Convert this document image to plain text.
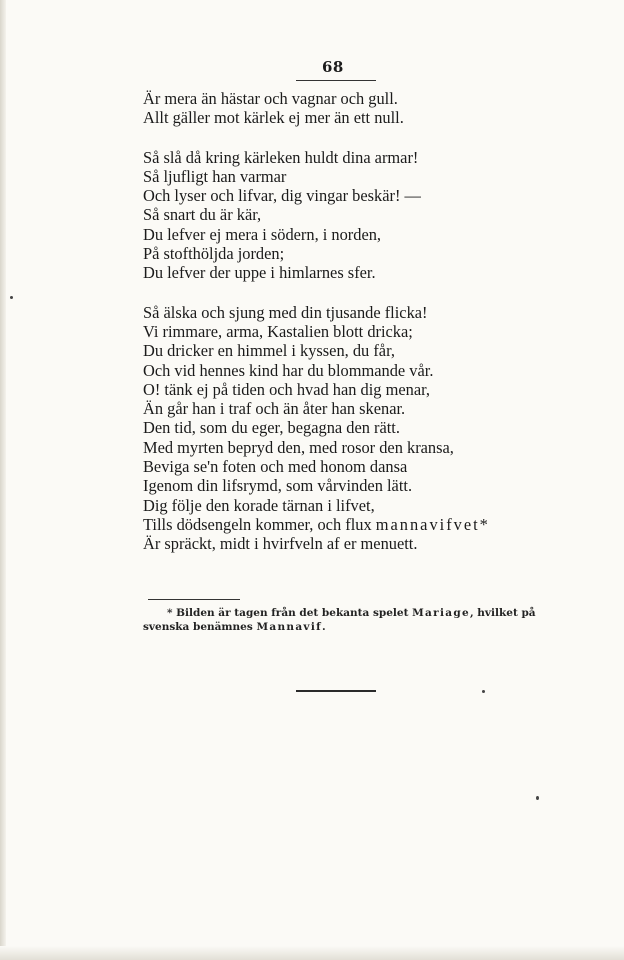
68
Är mera än hästar och vagnar och gull.
Allt gäller mot kärlek ej mer än ett null.
Så slå då kring kärleken huldt dina armar!
Så ljufligt han varmar
Och lyser och lifvar, dig vingar beskär! —
Så snart du är kär,
Du lefver ej mera i södern, i norden,
På stofthöljda jorden;
Du lefver der uppe i himlarnes sfer.
Så älska och sjung med din tjusande flicka!
Vi rimmare, arma, Kastalien blott dricka;
Du dricker en himmel i kyssen, du får,
Och vid hennes kind har du blommande vår.
O! tänk ej på tiden och hvad han dig menar,
Än går han i traf och än åter han skenar.
Den tid, som du eger, begagna den rätt.
Med myrten bepryd den, med rosor den kransa,
Beviga se'n foten och med honom dansa
Igenom din lifsrymd, som vårvinden lätt.
Dig följe den korade tärnan i lifvet,
Tills dödsengeln kommer, och flux mannavifvet*
Är spräckt, midt i hvirfveln af er menuett.
* Bilden är tagen från det bekanta spelet Mariage, hvilket på svenska benämnes Mannavif.
